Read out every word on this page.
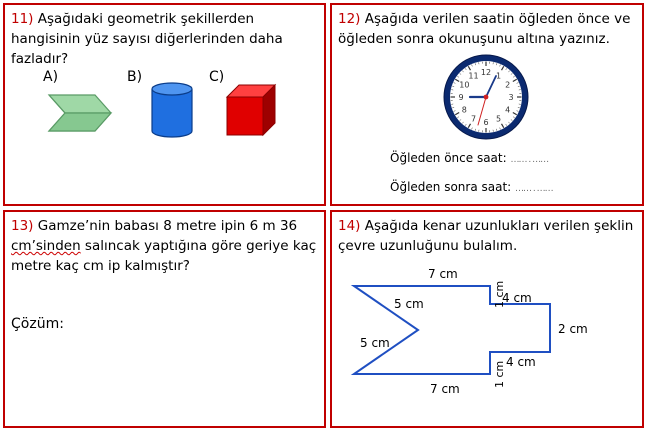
11) Aşağıdaki geometrik şekillerden hangisinin yüz sayısı diğerlerinden daha fazladır?
A)	B)	C)
12) Aşağıda verilen saatin öğleden önce ve öğleden sonra okunuşunu altına yazınız.
12 1
2
3
4
5
6
7
8
9
10
11
Öğleden önce saat: …… . ……
Öğleden sonra saat: …… . ……
13) Gamze’nin babası 8 metre ipin 6 m 36
cm’sinden salıncak yaptığına göre geriye kaç metre kaç cm ip kalmıştır?
Çözüm:
14) Aşağıda kenar uzunlukları verilen şeklin çevre uzunluğunu bulalım.
7 cm
5 cm
5 cm
7 cm
2 cm
4 cm
4 cm
1 cm
1 cm
